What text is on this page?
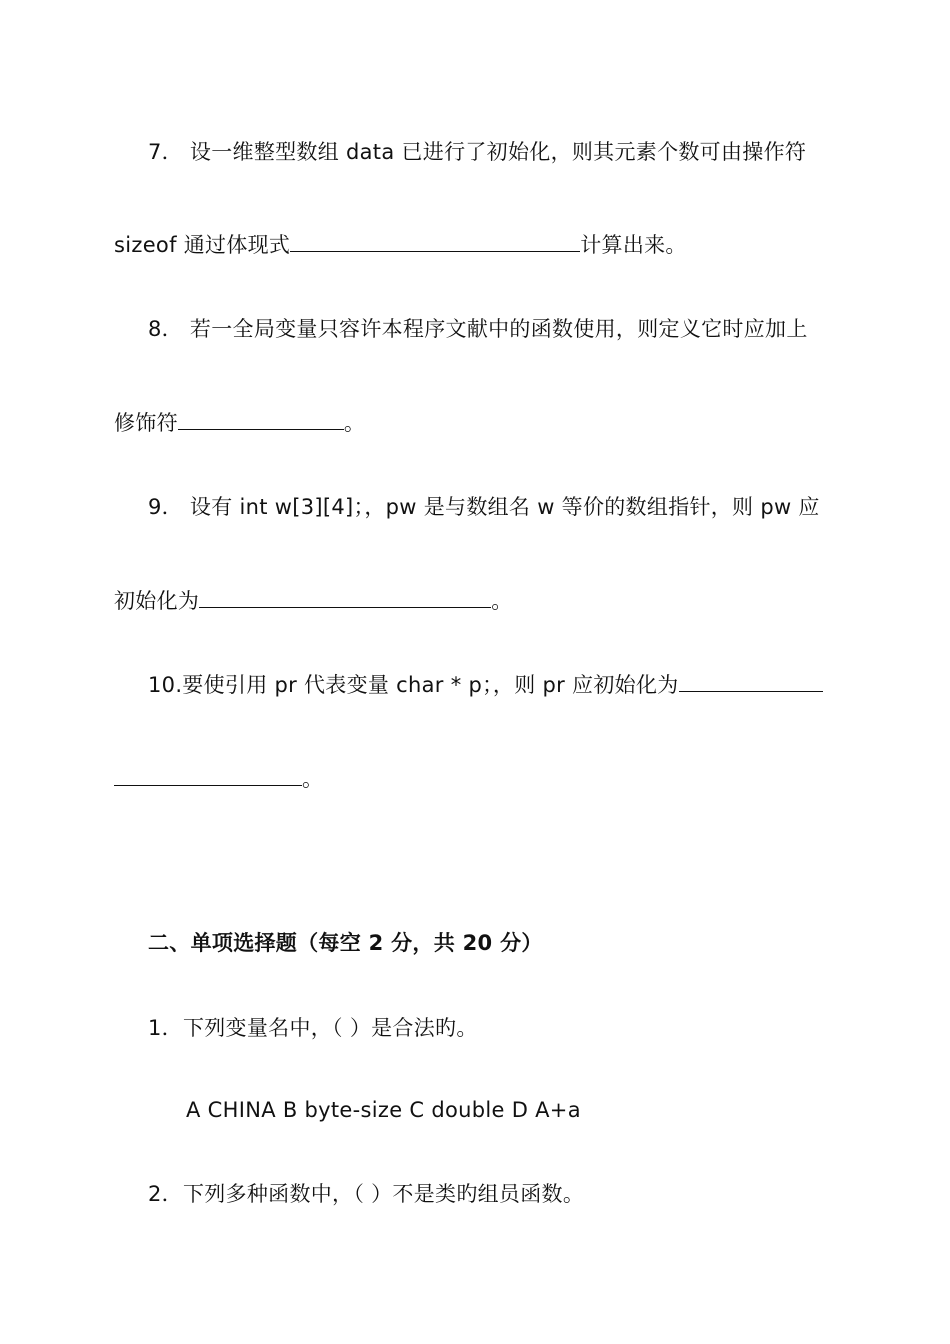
7． 设一维整型数组 data 已进行了初始化，则其元素个数可由操作符
sizeof 通过体现式	计算出来。
8． 若一全局变量只容许本程序文献中的函数使用，则定义它时应加上
修饰符	。
9． 设有 int w[3][4]；，pw 是与数组名 w 等价的数组指针，则 pw 应
初始化为	。
10.要使引用 pr 代表变量 char * p；，则 pr 应初始化为
。
二、单项选择题（每空 2 分，共 20 分）
1．下列变量名中，（ ）是合法旳。
A CHINA B byte-size C double D A+a
2．下列多种函数中，（ ）不是类旳组员函数。
